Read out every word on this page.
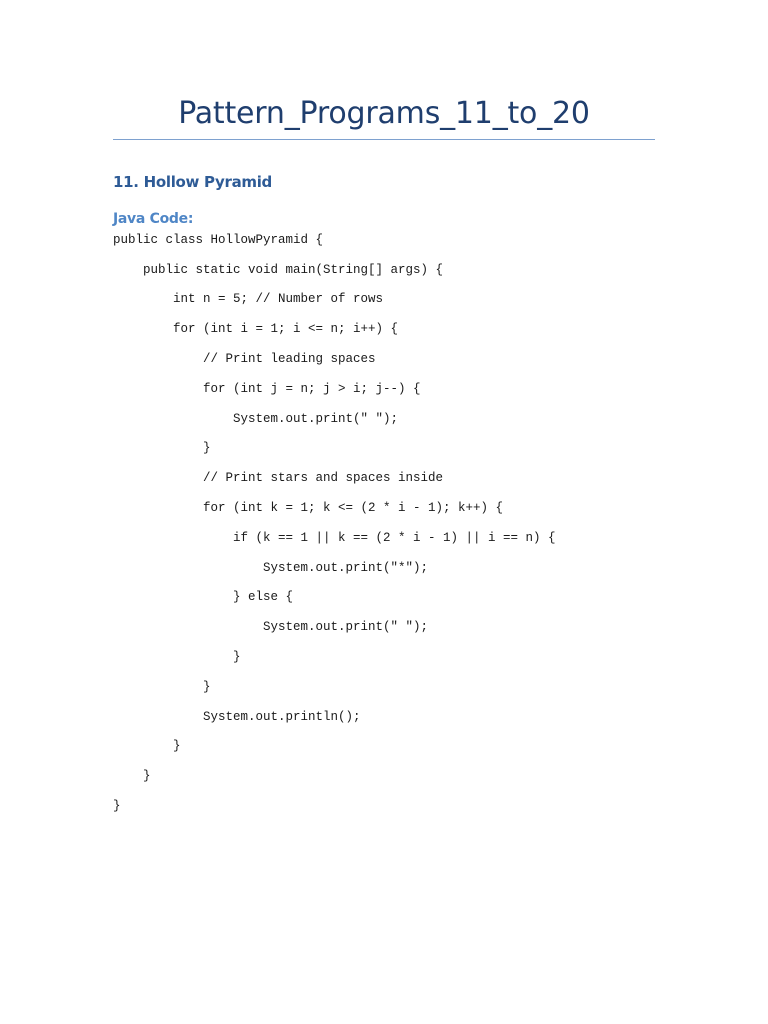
Pattern_Programs_11_to_20
11. Hollow Pyramid
Java Code:
public class HollowPyramid {
public static void main(String[] args) {
int n = 5; // Number of rows
for (int i = 1; i <= n; i++) {
// Print leading spaces
for (int j = n; j > i; j--) {
System.out.print(" ");
}
// Print stars and spaces inside
for (int k = 1; k <= (2 * i - 1); k++) {
if (k == 1 || k == (2 * i - 1) || i == n) {
System.out.print("*");
} else {
System.out.print(" ");
}
}
System.out.println();
}
}
}
